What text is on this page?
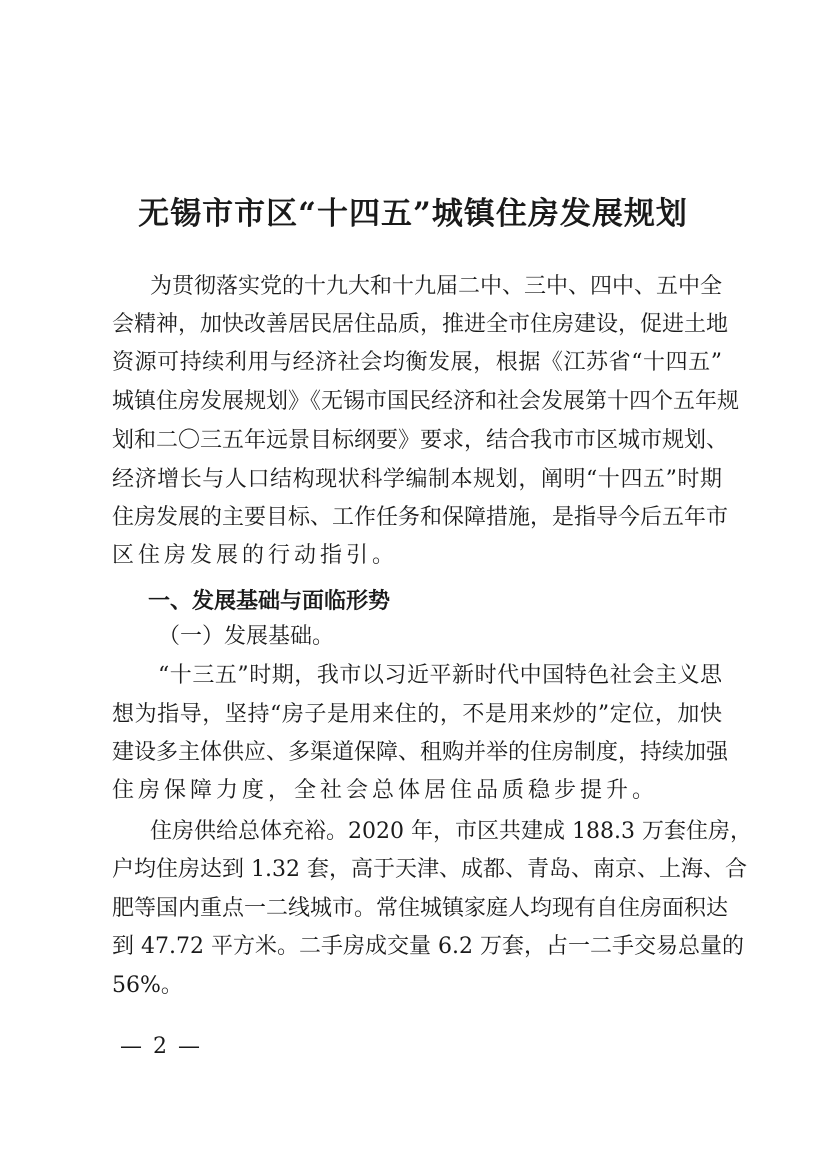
无锡市市区“十四五”城镇住房发展规划
为贯彻落实党的十九大和十九届二中、三中、四中、五中全
会精神，加快改善居民居住品质，推进全市住房建设，促进土地
资源可持续利用与经济社会均衡发展，根据《江苏省“十四五”
城镇住房发展规划》《无锡市国民经济和社会发展第十四个五年规
划和二〇三五年远景目标纲要》要求，结合我市市区城市规划、
经济增长与人口结构现状科学编制本规划，阐明“十四五”时期
住房发展的主要目标、工作任务和保障措施，是指导今后五年市
区住房发展的行动指引。
一、发展基础与面临形势
（一）发展基础。
“十三五”时期，我市以习近平新时代中国特色社会主义思
想为指导，坚持“房子是用来住的，不是用来炒的”定位，加快
建设多主体供应、多渠道保障、租购并举的住房制度，持续加强
住房保障力度，全社会总体居住品质稳步提升。
住房供给总体充裕。2020 年，市区共建成 188.3 万套住房，
户均住房达到 1.32 套，高于天津、成都、青岛、南京、上海、合
肥等国内重点一二线城市。常住城镇家庭人均现有自住房面积达
到 47.72 平方米。二手房成交量 6.2 万套，占一二手交易总量的
56%。
— 2 —
